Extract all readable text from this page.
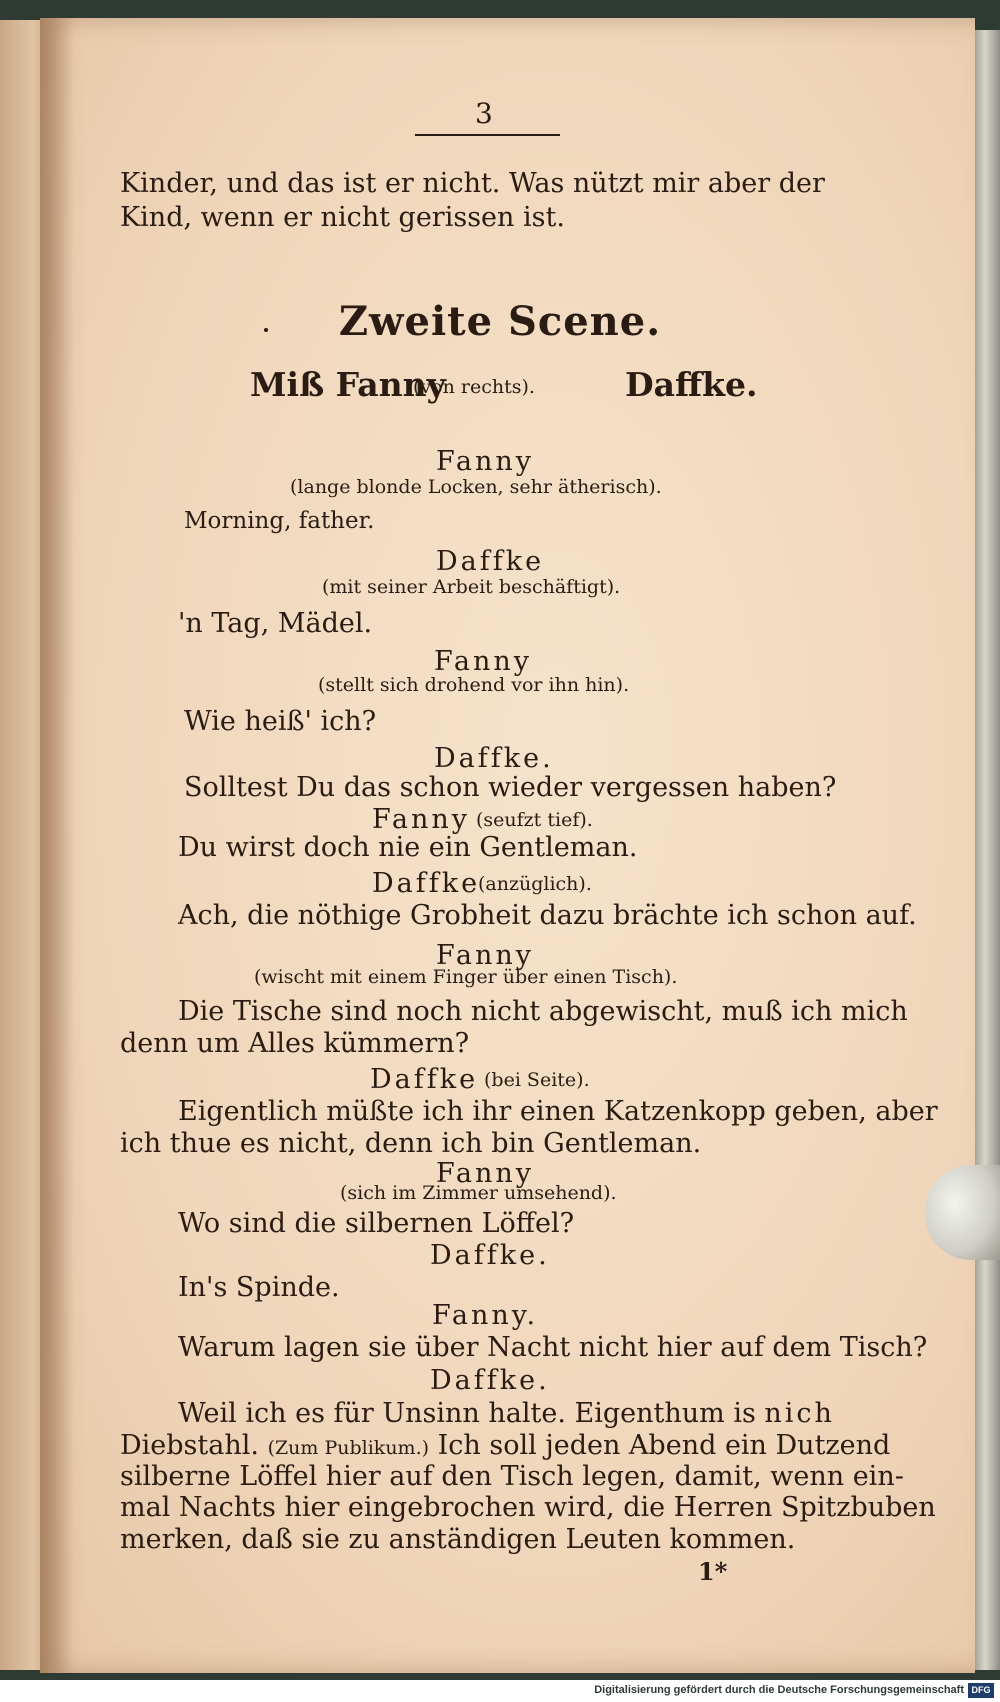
3
Kinder, und das ist er nicht. Was nützt mir aber der
Kind, wenn er nicht gerissen ist.
Zweite Scene.
Miß Fanny
(von rechts).	Daffke.
Fanny
(lange blonde Locken, sehr ätherisch).
Morning, father.
Daffke
(mit seiner Arbeit beschäftigt).
'n Tag, Mädel.
Fanny
(stellt sich drohend vor ihn hin).
Wie heiß' ich?
Daffke.
Solltest Du das schon wieder vergessen haben?
Fanny (seufzt tief).
Du wirst doch nie ein Gentleman.
Daffke
(anzüglich).
Ach, die nöthige Grobheit dazu brächte ich schon auf.
Fanny
(wischt mit einem Finger über einen Tisch).
Die Tische sind noch nicht abgewischt, muß ich mich
denn um Alles kümmern?
Daffke (bei Seite).
Eigentlich müßte ich ihr einen Katzenkopp geben, aber
ich thue es nicht, denn ich bin Gentleman.
Fanny
(sich im Zimmer umsehend).
Wo sind die silbernen Löffel?
Daffke.
In's Spinde.
Fanny.
Warum lagen sie über Nacht nicht hier auf dem Tisch?
Daffke.
Weil ich es für Unsinn halte. Eigenthum is nich
Diebstahl. (Zum Publikum.) Ich soll jeden Abend ein Dutzend
silberne Löffel hier auf den Tisch legen, damit, wenn ein-
mal Nachts hier eingebrochen wird, die Herren Spitzbuben
merken, daß sie zu anständigen Leuten kommen.
1*
Digitalisierung gefördert durch die Deutsche Forschungsgemeinschaft DFG
